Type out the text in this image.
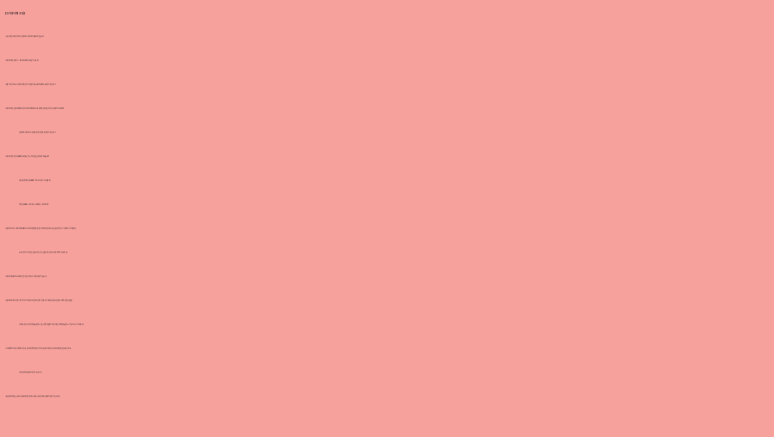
[모바일티켓 운영]
- 모든 티켓은 모바일티켓으로 운영되며, 실물티켓이 제공되지 않습니다.
- 모바일티켓은 예매 즉시 나의 예매내역에서 확인 가능합니다.
- 관람 하루 전일 20시, 모바일티켓 [사용하기] 버튼이 활성화되며 QR코드 확인이 가능합니다.
- 모바일티켓은 현장 팔찌배부처에서 모바일티켓(QR코드) 및 예매자 본인 확인 절차 후 입장팔찌로 교체되며,
입장팔찌 수령/착용 후에 입장대기 및 공연장 내 입장이 가능합니다.
- 모바일티켓은 멜론티켓 APP에서만 확인 가능하며 원활한 입장팔찌 교체를 위해
최신 버전의 멜론티켓 APP을 미리 설치해 주시기 바랍니다.
(멜론티켓 APP → 마이티켓 → 예매내역 → 모바일티켓)
- 입장팔찌 교체 시, 모바일티켓(QR코드)을 최초 발급받은 핸드폰 및 예매자 본인의 유효한 신분증을 반드시 지참해주시기 바랍니다.
(유효기간이 지나지 않은 신분증 사본 가능, 신분증 내 사진으로 인물 식별이 가능해야 함)
- 모바일티켓(QR코드)의 캡처본 및 사본은 티켓으로 절대 인정되지 않습니다.
- 입장팔찌의 대리 수령은 가족 아이디로 예매한 미성년자에 한해 허용됩니다. 예매자 본인의 신분증과 수령자 본인의 신분증
(학생증, 여권 등), 가족관계를 확인할 수 있는 증명서(관람일 기준 3개월 이내 발급)를 반드시 지참하여 주시기 바랍니다.
- 글로벌페이지 상에서 예매할 경우에는 모바일티켓 발급이 불가하며, 현장의 티켓부스에서 예매내역 및 본인 확인 절차 후
티켓 수령과 입장팔찌 착용이 가능합니다.
- 할인권종 예매자는 현장에서 예매내역 및 증빙자료 확인 후 티켓수령과 입장팔찌 착용이 가능합니다.
